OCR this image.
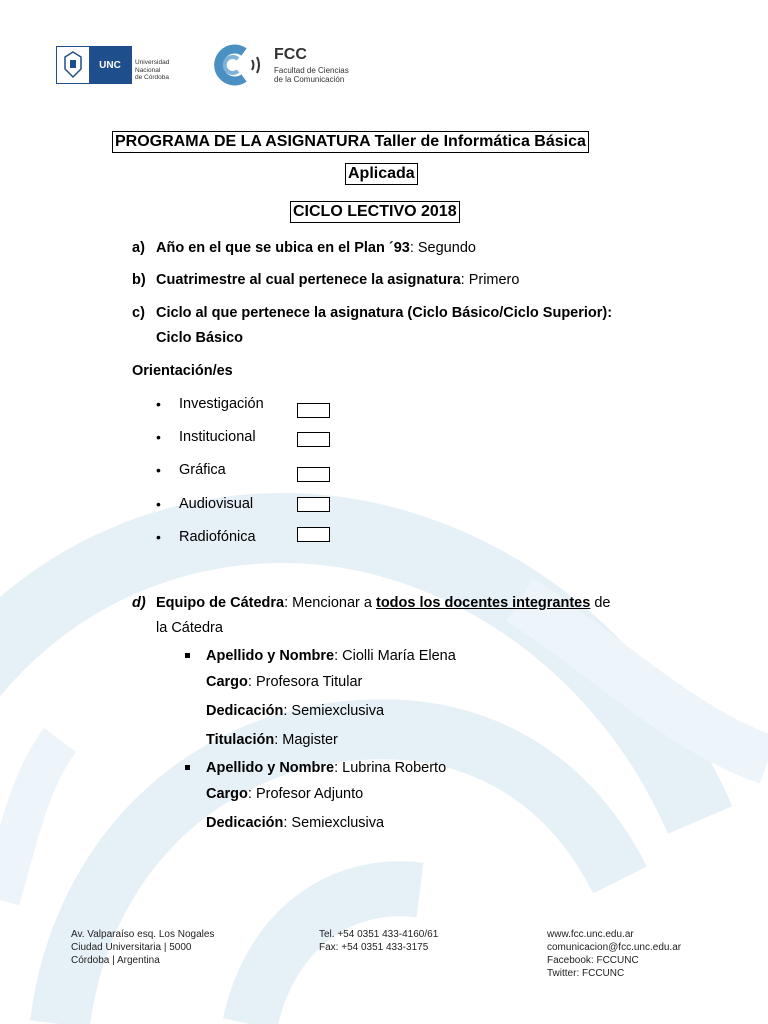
UNC	Universidad
Nacional
de Córdoba
FCC
Facultad de Ciencias
de la Comunicación
PROGRAMA DE LA ASIGNATURA Taller de Informática Básica
Aplicada
CICLO LECTIVO 2018
a) Año en el que se ubica en el Plan ´93: Segundo
b) Cuatrimestre al cual pertenece la asignatura: Primero
c) Ciclo al que pertenece la asignatura (Ciclo Básico/Ciclo Superior):
Ciclo Básico
Orientación/es
• Investigación
• Institucional
• Gráfica
• Audiovisual
• Radiofónica
d) Equipo de Cátedra: Mencionar a todos los docentes integrantes de
la Cátedra
Apellido y Nombre: Ciolli María Elena
Cargo: Profesora Titular
Dedicación: Semiexclusiva
Titulación: Magister
Apellido y Nombre: Lubrina Roberto
Cargo: Profesor Adjunto
Dedicación: Semiexclusiva
Av. Valparaíso esq. Los Nogales
Ciudad Universitaria | 5000
Córdoba | Argentina
Tel. +54 0351 433-4160/61
Fax: +54 0351 433-3175
www.fcc.unc.edu.ar
comunicacion@fcc.unc.edu.ar
Facebook: FCCUNC
Twitter: FCCUNC
